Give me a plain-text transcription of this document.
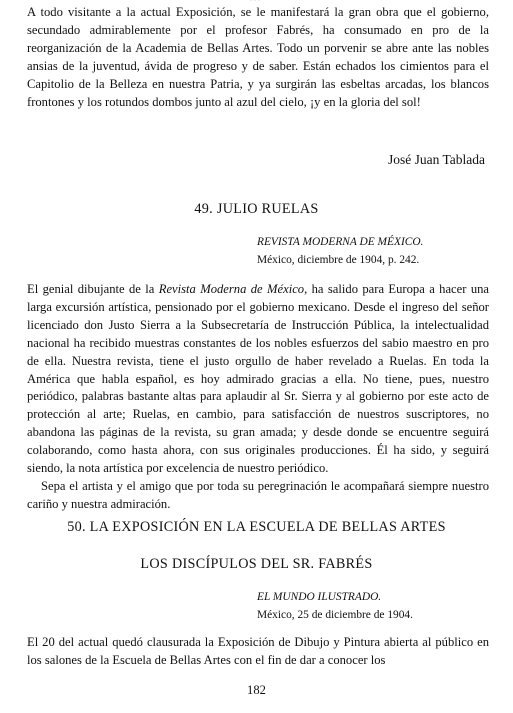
···

A todo visitante a la actual Exposición, se le manifestará la gran obra que el gobierno, secundado admirablemente por el profesor Fabrés, ha consumado en pro de la reorganización de la Academia de Bellas Artes. Todo un porvenir se abre ante las nobles ansias de la juventud, ávida de progreso y de saber. Están echados los cimientos para el Capitolio de la Belleza en nuestra Patria, y ya surgirán las esbeltas arcadas, los blancos frontones y los rotundos dombos junto al azul del cielo, ¡y en la gloria del sol!

José Juan Tablada
49. JULIO RUELAS
REVISTA MODERNA DE MÉXICO.
México, diciembre de 1904, p. 242.

El genial dibujante de la Revista Moderna de México, ha salido para Europa a hacer una larga excursión artística, pensionado por el gobierno mexicano. Desde el ingreso del señor licenciado don Justo Sierra a la Subsecretaría de Instrucción Pública, la intelectualidad nacional ha recibido muestras constantes de los nobles esfuerzos del sabio maestro en pro de ella. Nuestra revista, tiene el justo orgullo de haber revelado a Ruelas. En toda la América que habla español, es hoy admirado gracias a ella. No tiene, pues, nuestro periódico, palabras bastante altas para aplaudir al Sr. Sierra y al gobierno por este acto de protección al arte; Ruelas, en cambio, para satisfacción de nuestros suscriptores, no abandona las páginas de la revista, su gran amada; y desde donde se encuentre seguirá colaborando, como hasta ahora, con sus originales producciones. Él ha sido, y seguirá siendo, la nota artística por excelencia de nuestro periódico.

Sepa el artista y el amigo que por toda su peregrinación le acompañará siempre nuestro cariño y nuestra admiración.

50. LA EXPOSICIÓN EN LA ESCUELA DE BELLAS ARTES
LOS DISCÍPULOS DEL SR. FABRÉS
EL MUNDO ILUSTRADO.
México, 25 de diciembre de 1904.

El 20 del actual quedó clausurada la Exposición de Dibujo y Pintura abierta al público en los salones de la Escuela de Bellas Artes con el fin de dar a conocer los

182
